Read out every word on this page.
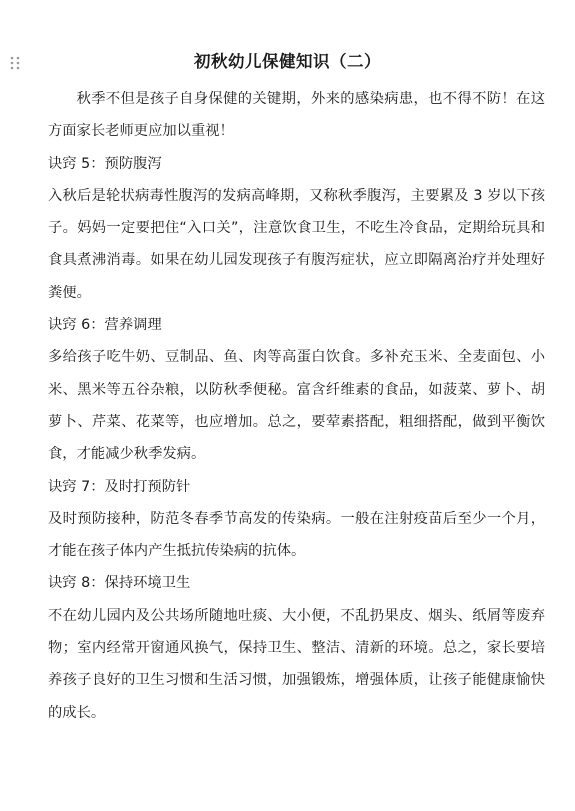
初秋幼儿保健知识（二）

秋季不但是孩子自身保健的关键期，外来的感染病患，也不得不防！在这方面家长老师更应加以重视！

诀窍 5：预防腹泻

入秋后是轮状病毒性腹泻的发病高峰期，又称秋季腹泻，主要累及 3 岁以下孩子。妈妈一定要把住“入口关”，注意饮食卫生，不吃生冷食品，定期给玩具和食具煮沸消毒。如果在幼儿园发现孩子有腹泻症状，应立即隔离治疗并处理好粪便。

诀窍 6：营养调理

多给孩子吃牛奶、豆制品、鱼、肉等高蛋白饮食。多补充玉米、全麦面包、小米、黑米等五谷杂粮，以防秋季便秘。富含纤维素的食品，如菠菜、萝卜、胡萝卜、芹菜、花菜等，也应增加。总之，要荤素搭配，粗细搭配，做到平衡饮食，才能减少秋季发病。

诀窍 7：及时打预防针

及时预防接种，防范冬春季节高发的传染病。一般在注射疫苗后至少一个月，才能在孩子体内产生抵抗传染病的抗体。

诀窍 8：保持环境卫生

不在幼儿园内及公共场所随地吐痰、大小便，不乱扔果皮、烟头、纸屑等废弃物；室内经常开窗通风换气，保持卫生、整洁、清新的环境。总之，家长要培养孩子良好的卫生习惯和生活习惯，加强锻炼，增强体质，让孩子能健康愉快的成长。
